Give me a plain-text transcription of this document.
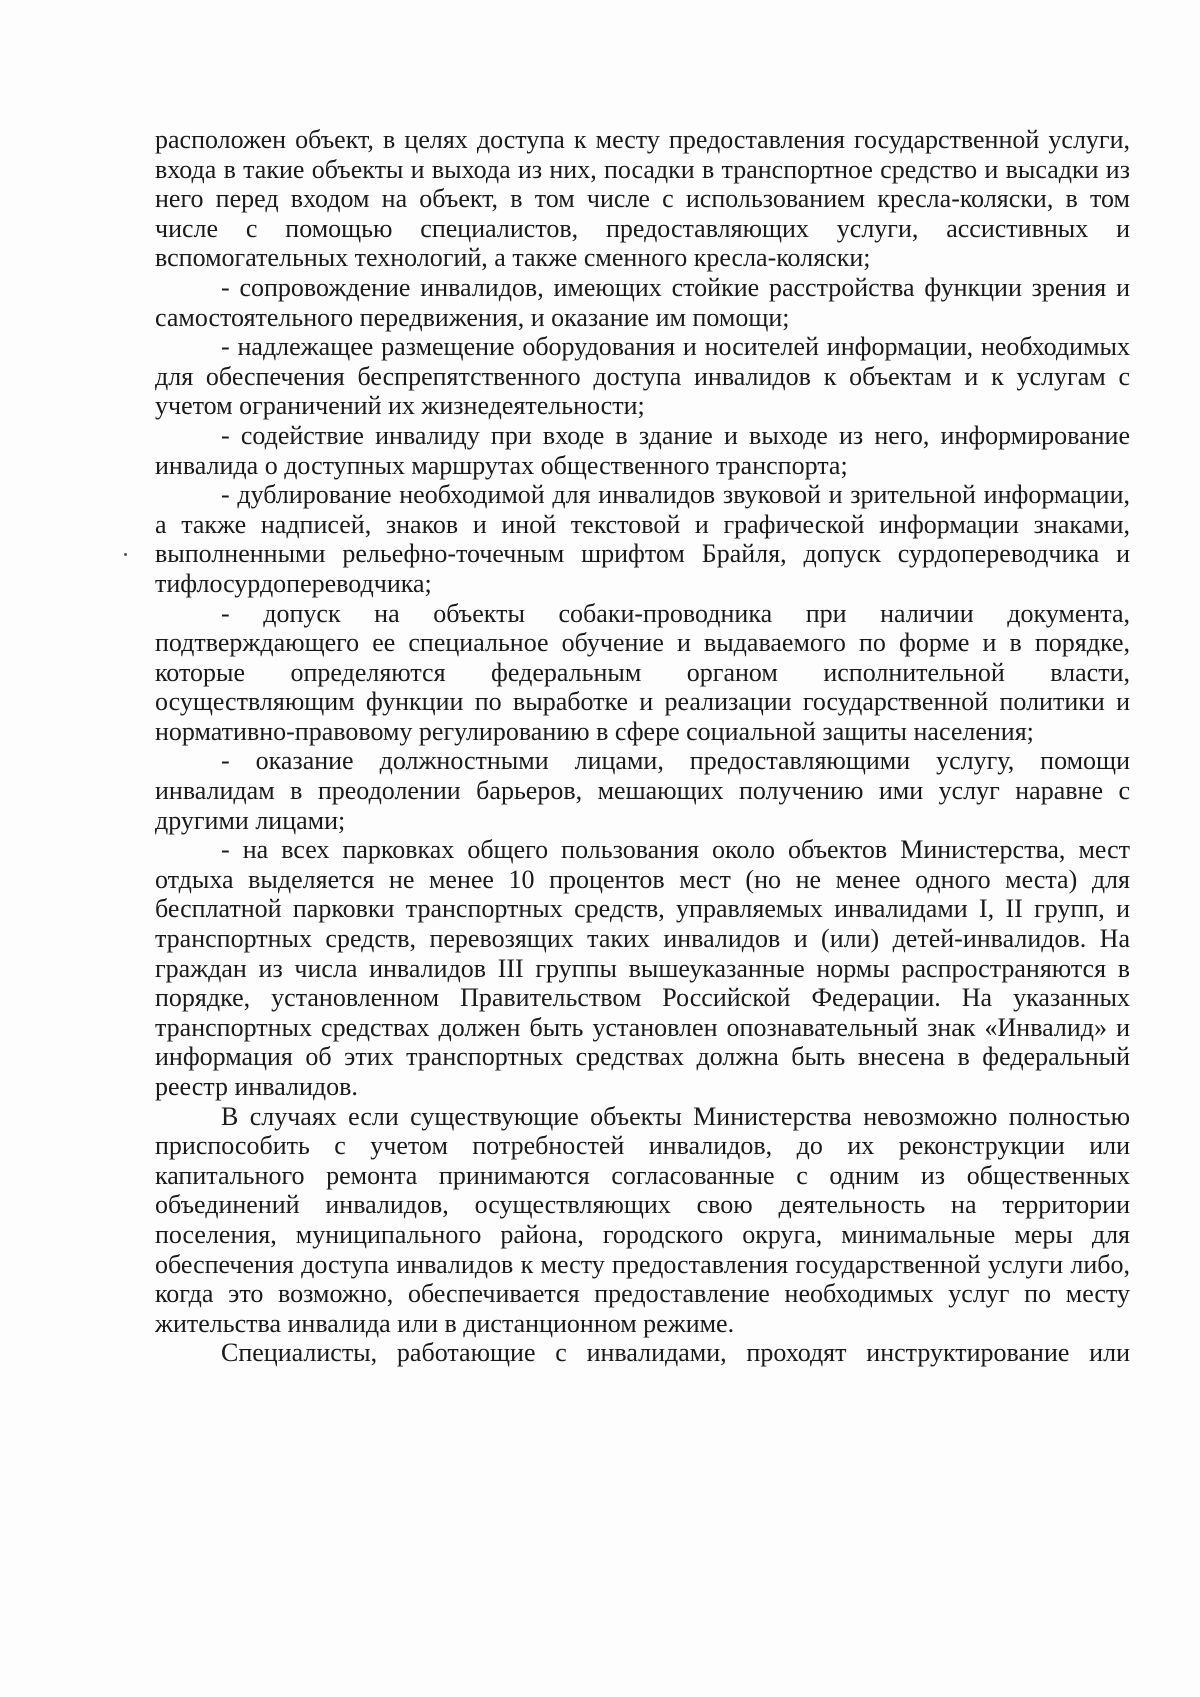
расположен объект, в целях доступа к месту предоставления государственной услуги, входа в такие объекты и выхода из них, посадки в транспортное средство и высадки из него перед входом на объект, в том числе с использованием кресла-коляски, в том числе с помощью специалистов, предоставляющих услуги, ассистивных и вспомогательных технологий, а также сменного кресла-коляски;

- сопровождение инвалидов, имеющих стойкие расстройства функции зрения и самостоятельного передвижения, и оказание им помощи;

- надлежащее размещение оборудования и носителей информации, необходимых для обеспечения беспрепятственного доступа инвалидов к объектам и к услугам с учетом ограничений их жизнедеятельности;

- содействие инвалиду при входе в здание и выходе из него, информирование инвалида о доступных маршрутах общественного транспорта;

- дублирование необходимой для инвалидов звуковой и зрительной информации, а также надписей, знаков и иной текстовой и графической информации знаками, выполненными рельефно-точечным шрифтом Брайля, допуск сурдопереводчика и тифлосурдопереводчика;

- допуск на объекты собаки-проводника при наличии документа, подтверждающего ее специальное обучение и выдаваемого по форме и в порядке, которые определяются федеральным органом исполнительной власти, осуществляющим функции по выработке и реализации государственной политики и нормативно-правовому регулированию в сфере социальной защиты населения;

- оказание должностными лицами, предоставляющими услугу, помощи инвалидам в преодолении барьеров, мешающих получению ими услуг наравне с другими лицами;

- на всех парковках общего пользования около объектов Министерства, мест отдыха выделяется не менее 10 процентов мест (но не менее одного места) для бесплатной парковки транспортных средств, управляемых инвалидами I, II групп, и транспортных средств, перевозящих таких инвалидов и (или) детей-инвалидов. На граждан из числа инвалидов III группы вышеуказанные нормы распространяются в порядке, установленном Правительством Российской Федерации. На указанных транспортных средствах должен быть установлен опознавательный знак «Инвалид» и информация об этих транспортных средствах должна быть внесена в федеральный реестр инвалидов.

В случаях если существующие объекты Министерства невозможно полностью приспособить с учетом потребностей инвалидов, до их реконструкции или капитального ремонта принимаются согласованные с одним из общественных объединений инвалидов, осуществляющих свою деятельность на территории поселения, муниципального района, городского округа, минимальные меры для обеспечения доступа инвалидов к месту предоставления государственной услуги либо, когда это возможно, обеспечивается предоставление необходимых услуг по месту жительства инвалида или в дистанционном режиме.

Специалисты, работающие с инвалидами, проходят инструктирование или
